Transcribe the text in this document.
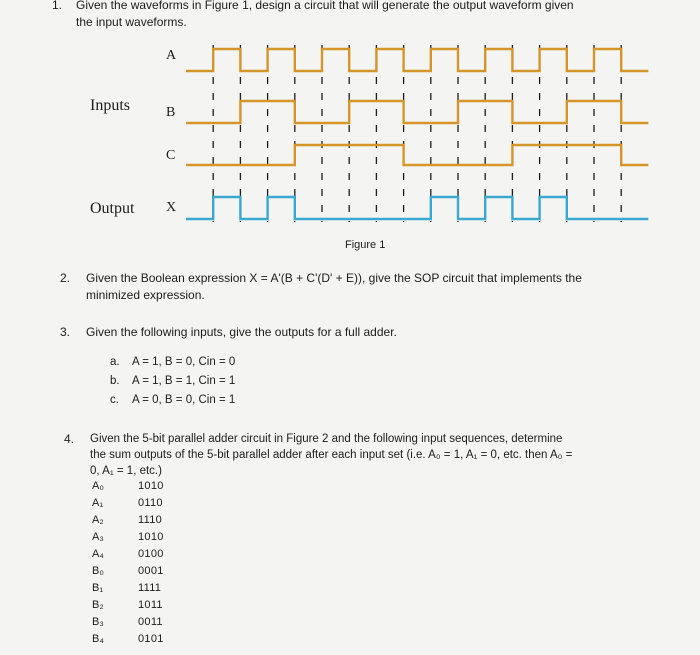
1. Given the waveforms in Figure 1, design a circuit that will generate the output waveform given
the input waveforms.
Inputs
Output
A
B
C
X
Figure 1
2. Given the Boolean expression X = A'(B + C'(D' + E)), give the SOP circuit that implements the
minimized expression.
3. Given the following inputs, give the outputs for a full adder.
a. A = 1, B = 0, Cin = 0
b. A = 1, B = 1, Cin = 1
c. A = 0, B = 0, Cin = 1
4. Given the 5-bit parallel adder circuit in Figure 2 and the following input sequences, determine
the sum outputs of the 5-bit parallel adder after each input set (i.e. A₀ = 1, A₁ = 0, etc. then A₀ =
0, A₁ = 1, etc.)
A₀	1010
A₁	0110
A₂	1110
A₃	1010
A₄	0100
B₀	0001
B₁	1111
B₂	1011
B₃	0011
B₄	0101
